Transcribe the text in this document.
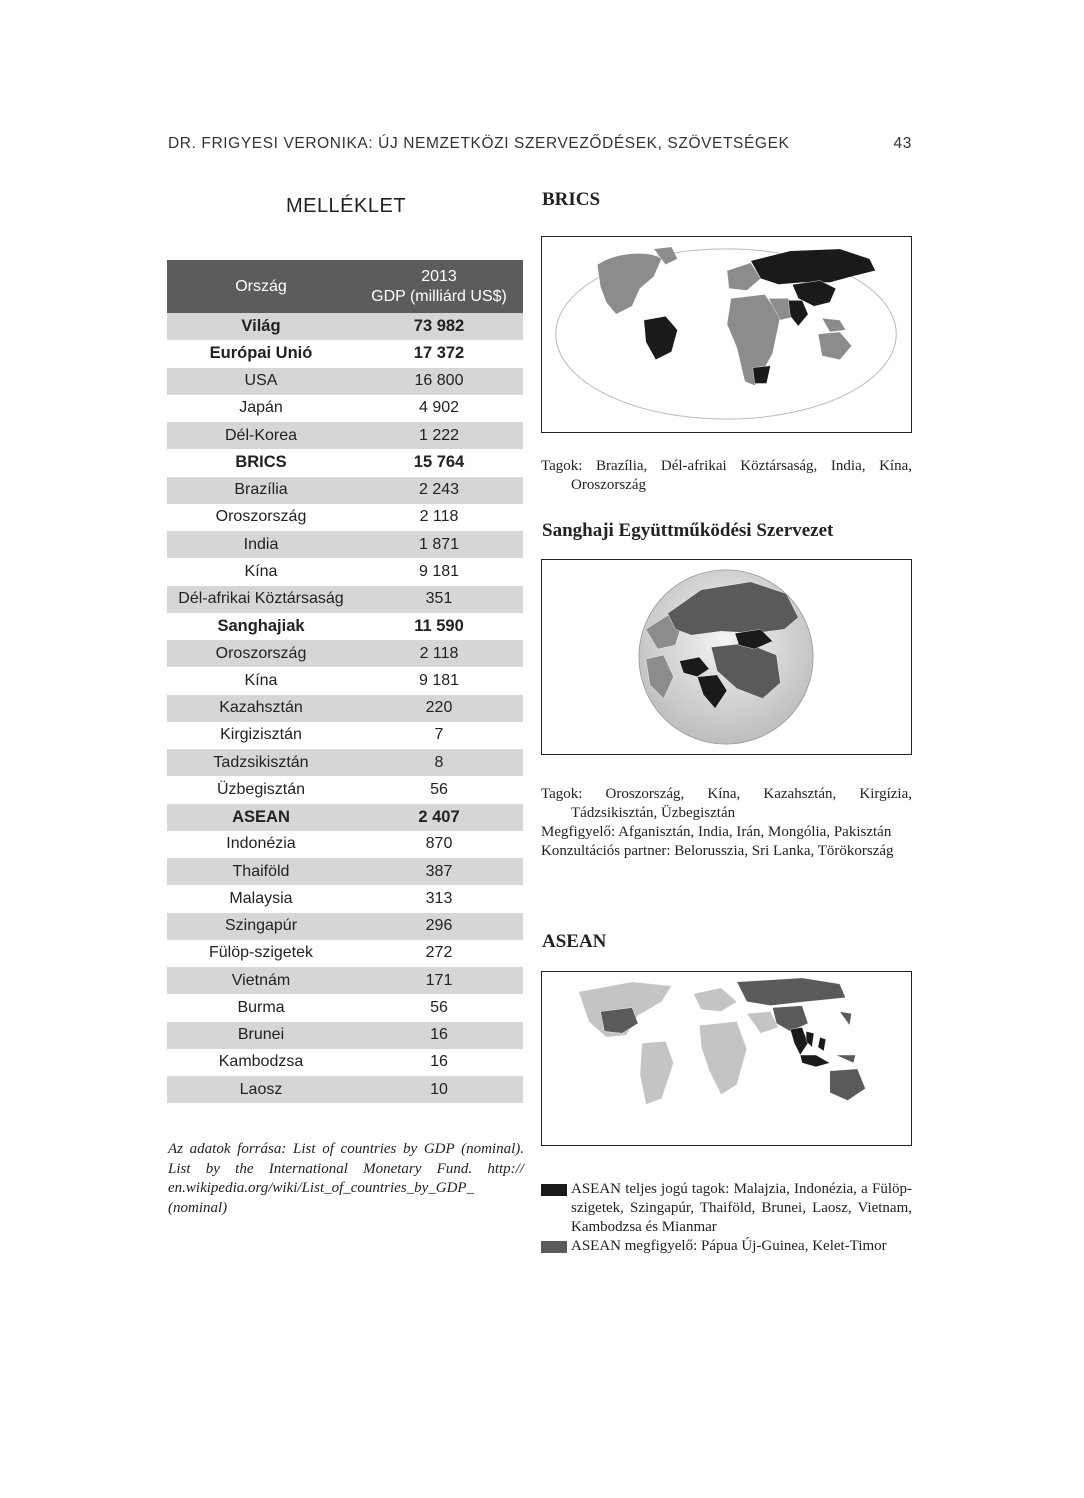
DR. FRIGYESI VERONIKA: ÚJ NEMZETKÖZI SZERVEZŐDÉSEK, SZÖVETSÉGEK	43
MELLÉKLET
Ország	2013
GDP (milliárd US$)

Világ	73 982
Európai Unió	17 372
USA	16 800
Japán	4 902
Dél-Korea	1 222
BRICS	15 764
Brazília	2 243
Oroszország	2 118
India	1 871
Kína	9 181
Dél-afrikai Köztársaság	351
Sanghajiak	11 590
Oroszország	2 118
Kína	9 181
Kazahsztán	220
Kirgizisztán	7
Tadzsikisztán	8
Üzbegisztán	56
ASEAN	2 407
Indonézia	870
Thaiföld	387
Malaysia	313
Szingapúr	296
Fülöp-szigetek	272
Vietnám	171
Burma	56
Brunei	16
Kambodzsa	16
Laosz	10
Az adatok forrása: List of countries by GDP (nominal). List by the International Monetary Fund. http:// en.wikipedia.org/wiki/List_of_countries_by_GDP_ (nominal)
BRICS

Tagok: Brazília, Dél-afrikai Köztársaság, India, Kína, Oroszország

Sanghaji Együttműködési Szervezet

Tagok: Oroszország, Kína, Kazahsztán, Kirgízia, Tádzsikisztán, Üzbegisztán

Megfigyelő: Afganisztán, India, Irán, Mongólia, Pakisztán

Konzultációs partner: Belorusszia, Sri Lanka, Törökország

ASEAN
ASEAN teljes jogú tagok: Malajzia, Indonézia, a Fülöp-szigetek, Szingapúr, Thaiföld, Brunei, Laosz, Vietnam, Kambodzsa és Mianmar
ASEAN megfigyelő: Pápua Új-Guinea, Kelet-Timor
